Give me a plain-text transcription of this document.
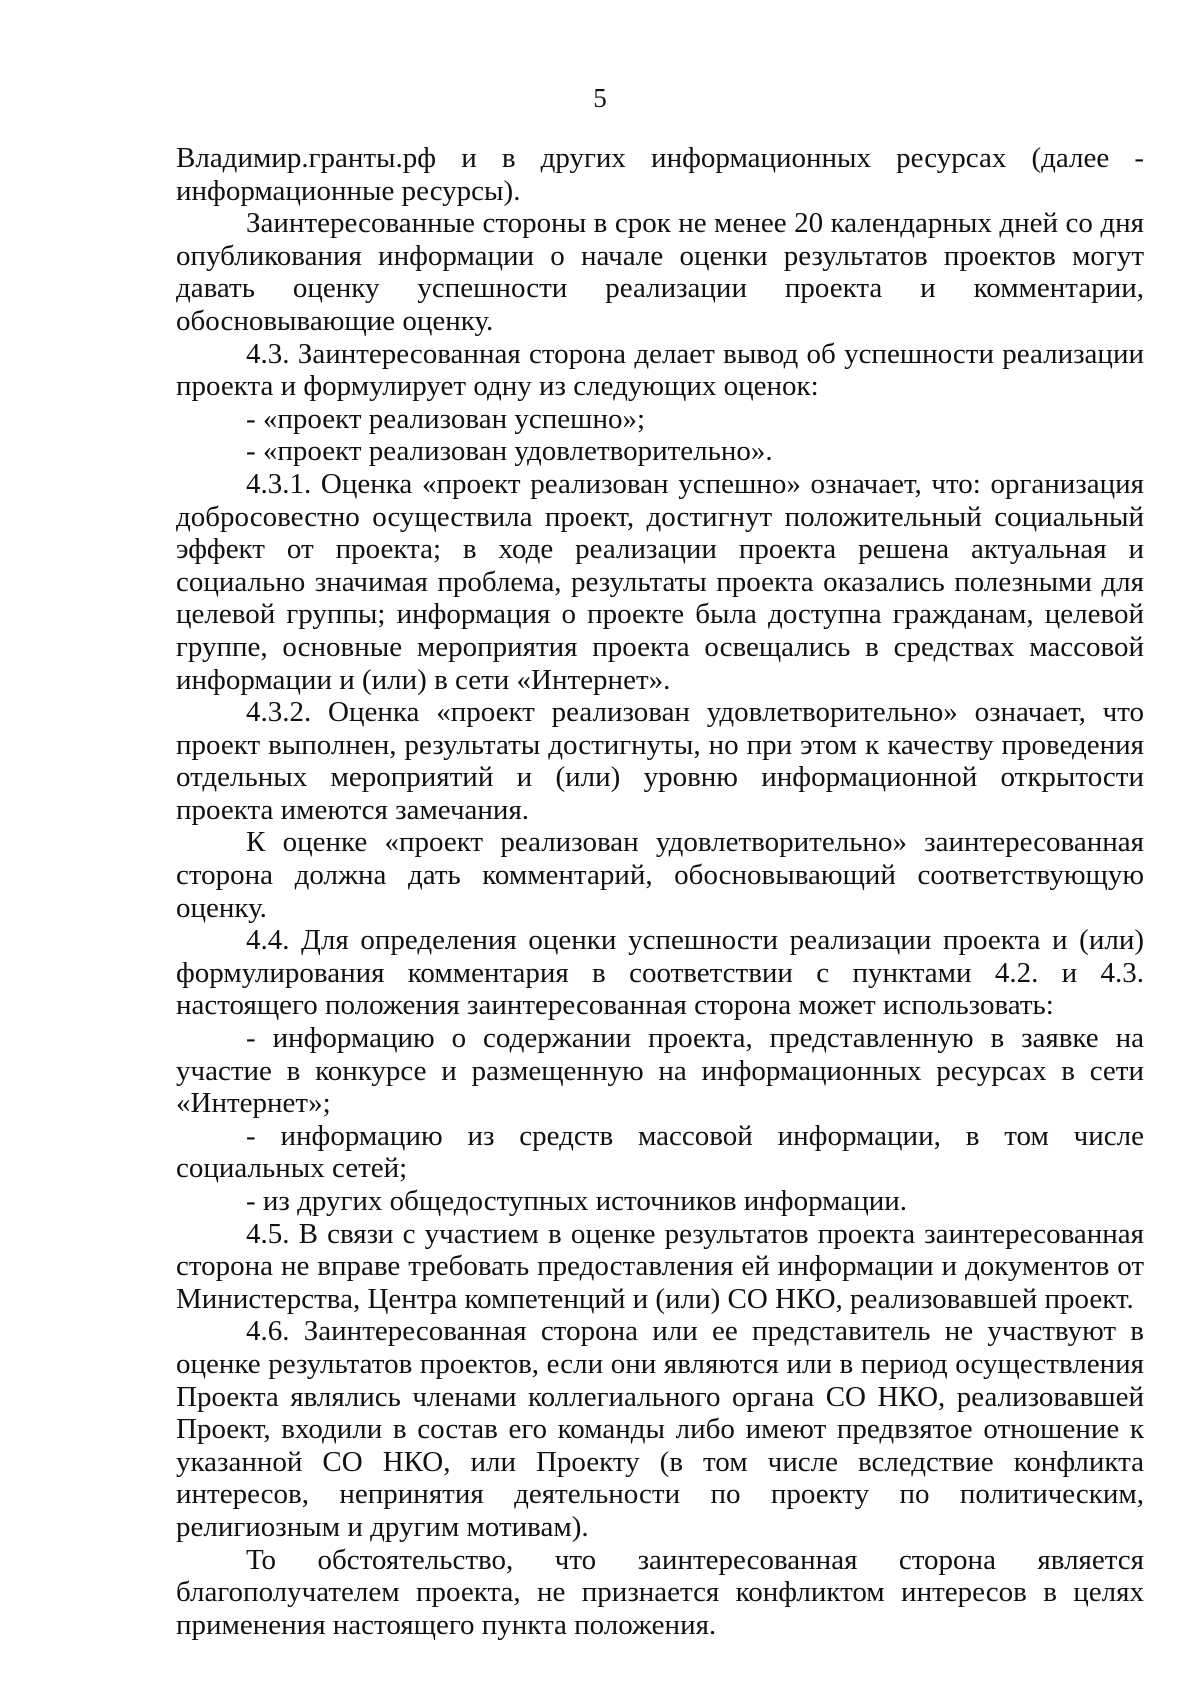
5

Владимир.гранты.рф и в других информационных ресурсах (далее - информационные ресурсы).

Заинтересованные стороны в срок не менее 20 календарных дней со дня опубликования информации о начале оценки результатов проектов могут давать оценку успешности реализации проекта и комментарии, обосновывающие оценку.

4.3. Заинтересованная сторона делает вывод об успешности реализации проекта и формулирует одну из следующих оценок:

- «проект реализован успешно»;

- «проект реализован удовлетворительно».

4.3.1. Оценка «проект реализован успешно» означает, что: организация добросовестно осуществила проект, достигнут положительный социальный эффект от проекта; в ходе реализации проекта решена актуальная и социально значимая проблема, результаты проекта оказались полезными для целевой группы; информация о проекте была доступна гражданам, целевой группе, основные мероприятия проекта освещались в средствах массовой информации и (или) в сети «Интернет».

4.3.2. Оценка «проект реализован удовлетворительно» означает, что проект выполнен, результаты достигнуты, но при этом к качеству проведения отдельных мероприятий и (или) уровню информационной открытости проекта имеются замечания.

К оценке «проект реализован удовлетворительно» заинтересованная сторона должна дать комментарий, обосновывающий соответствующую оценку.

4.4. Для определения оценки успешности реализации проекта и (или) формулирования комментария в соответствии с пунктами 4.2. и 4.3. настоящего положения заинтересованная сторона может использовать:

- информацию о содержании проекта, представленную в заявке на участие в конкурсе и размещенную на информационных ресурсах в сети «Интернет»;

- информацию из средств массовой информации, в том числе социальных сетей;

- из других общедоступных источников информации.

4.5. В связи с участием в оценке результатов проекта заинтересованная сторона не вправе требовать предоставления ей информации и документов от Министерства, Центра компетенций и (или) СО НКО, реализовавшей проект.

4.6. Заинтересованная сторона или ее представитель не участвуют в оценке результатов проектов, если они являются или в период осуществления Проекта являлись членами коллегиального органа СО НКО, реализовавшей Проект, входили в состав его команды либо имеют предвзятое отношение к указанной СО НКО, или Проекту (в том числе вследствие конфликта интересов, непринятия деятельности по проекту по политическим, религиозным и другим мотивам).

То обстоятельство, что заинтересованная сторона является благополучателем проекта, не признается конфликтом интересов в целях применения настоящего пункта положения.
